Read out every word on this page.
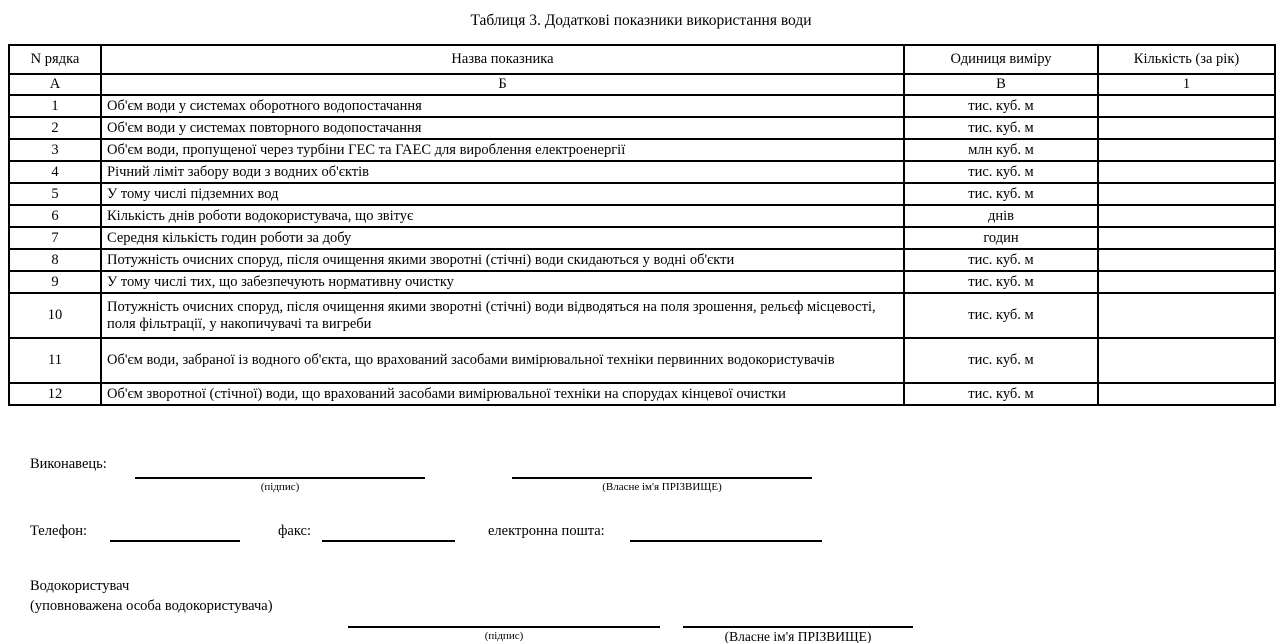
Таблиця 3. Додаткові показники використання води
N рядка	Назва показника	Одиниця виміру	Кількість (за рік)
А	Б	В	1
1	Об'єм води у системах оборотного водопостачання	тис. куб. м	
2	Об'єм води у системах повторного водопостачання	тис. куб. м	
3	Об'єм води, пропущеної через турбіни ГЕС та ГАЕС для вироблення електроенергії	млн куб. м	
4	Річний ліміт забору води з водних об'єктів	тис. куб. м	
5	У тому числі підземних вод	тис. куб. м	
6	Кількість днів роботи водокористувача, що звітує	днів	
7	Середня кількість годин роботи за добу	годин	
8	Потужність очисних споруд, після очищення якими зворотні (стічні) води скидаються у водні об'єкти	тис. куб. м	
9	У тому числі тих, що забезпечують нормативну очистку	тис. куб. м	
10	Потужність очисних споруд, після очищення якими зворотні (стічні) води відводяться на поля зрошення, рельєф місцевості, поля фільтрації, у накопичувачі та вигреби	тис. куб. м	
11	Об'єм води, забраної із водного об'єкта, що врахований засобами вимірювальної техніки первинних водокористувачів	тис. куб. м	
12	Об'єм зворотної (стічної) води, що врахований засобами вимірювальної техніки на спорудах кінцевої очистки	тис. куб. м	
Виконавець:
(підпис)	(Власне ім'я ПРІЗВИЩЕ)
Телефон:	факс:	електронна пошта:
Водокористувач
(уповноважена особа водокористувача)
(підпис)	(Власне ім'я ПРІЗВИЩЕ)
